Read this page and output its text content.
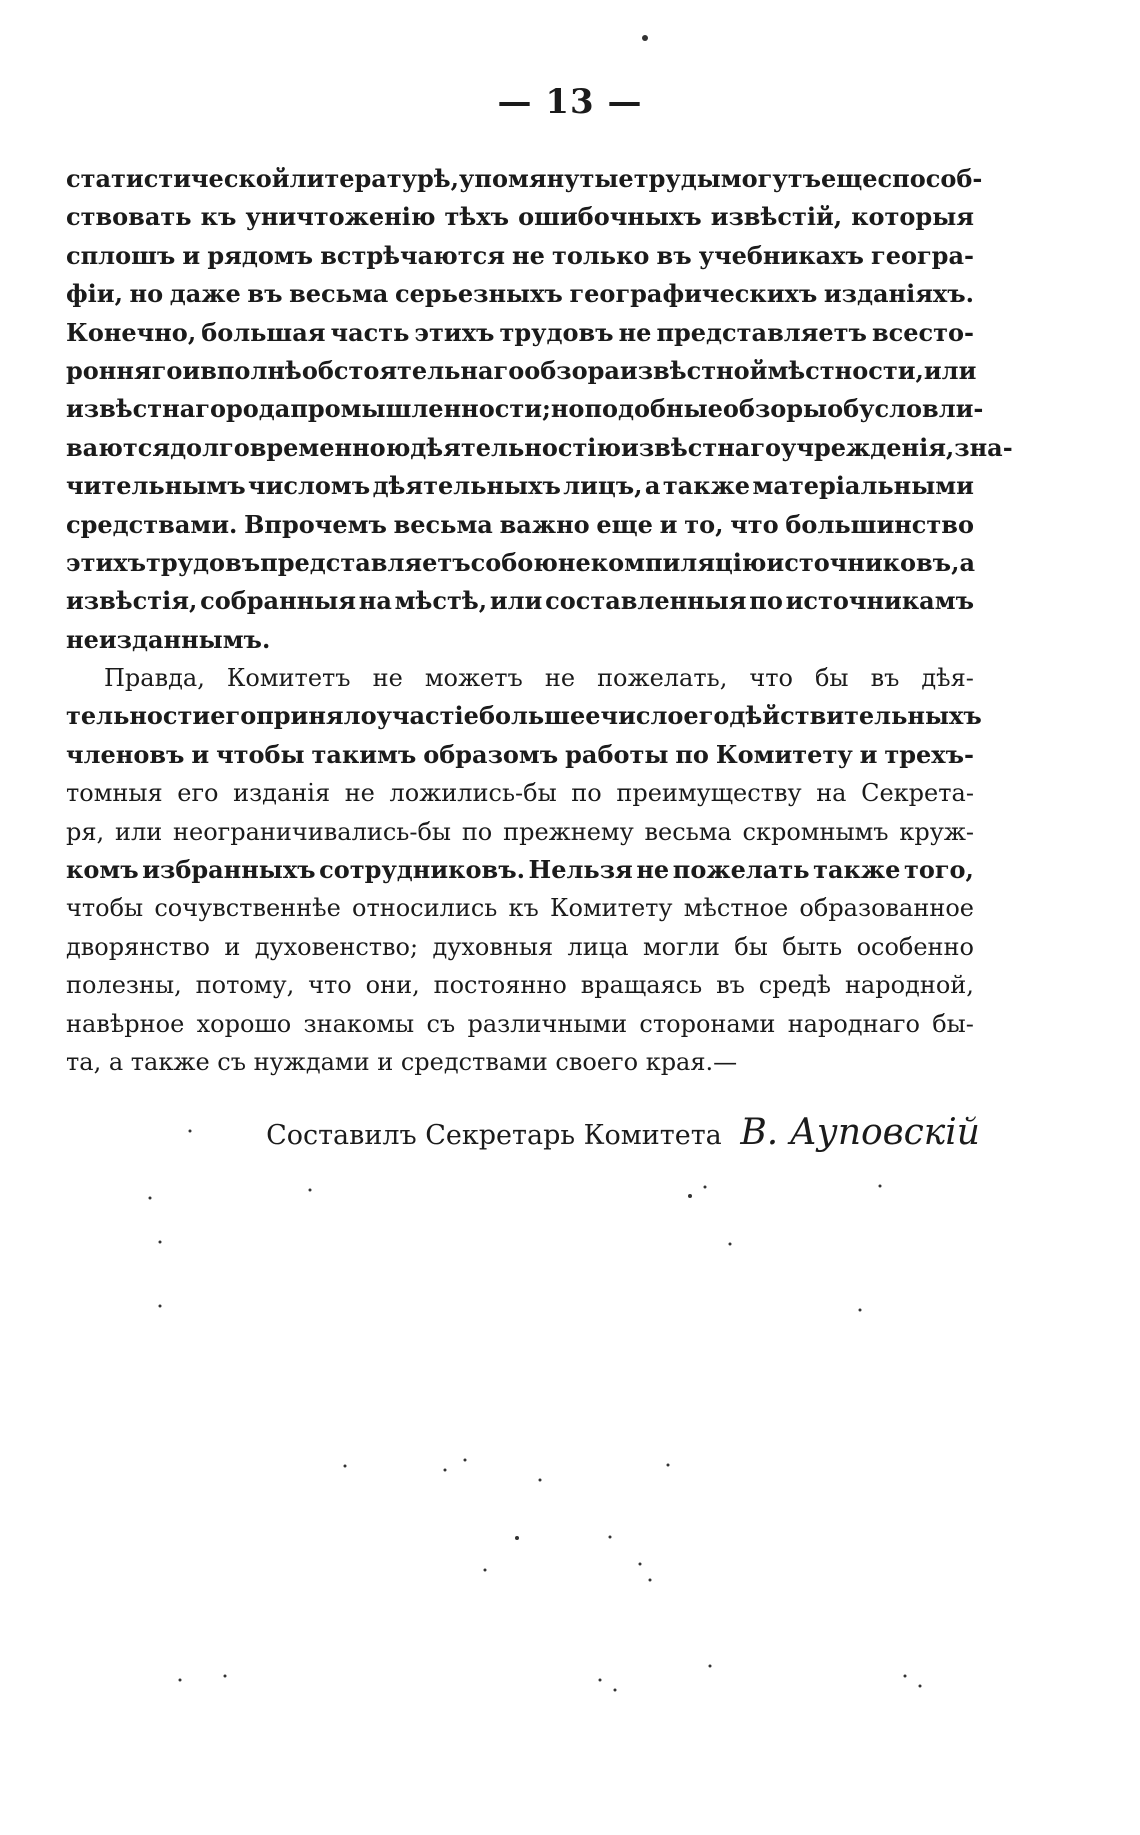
— 13 —
статистической литературѣ, упомянутые труды могутъ еще способ-
ствовать къ уничтоженію тѣхъ ошибочныхъ извѣстій, которыя
сплошъ и рядомъ встрѣчаются не только въ учебникахъ геогра-
фіи, но даже въ весьма серьезныхъ географическихъ изданіяхъ.
Конечно, большая часть этихъ трудовъ не представляетъ всесто-
ронняго и вполнѣ обстоятельнаго обзора извѣстной мѣстности, или
извѣстнаго рода промышленности; но подобные обзоры обусловли-
ваются долговременною дѣятельностію извѣстнаго учрежденія, зна-
чительнымъ числомъ дѣятельныхъ лицъ, а также матеріальными
средствами. Впрочемъ весьма важно еще и то, что большинство
этихъ трудовъ представляетъ собою не компиляцію источниковъ, а
извѣстія, собранныя на мѣстѣ, или составленныя по источникамъ
неизданнымъ.
Правда, Комитетъ не можетъ не пожелать, что бы въ дѣя-
тельности его приняло участіе большее число его дѣйствительныхъ
членовъ и чтобы такимъ образомъ работы по Комитету и трехъ-
томныя его изданія не ложились-бы по преимуществу на Секрета-
ря, или неограничивались-бы по прежнему весьма скромнымъ круж-
комъ избранныхъ сотрудниковъ. Нельзя не пожелать также того,
чтобы сочувственнѣе относились къ Комитету мѣстное образованное
дворянство и духовенство; духовныя лица могли бы быть особенно
полезны, потому, что они, постоянно вращаясь въ средѣ народной,
навѣрное хорошо знакомы съ различными сторонами народнаго бы-
та, а также съ нуждами и средствами своего края.—
Составилъ Секретарь Комитета В. Ауповскій
